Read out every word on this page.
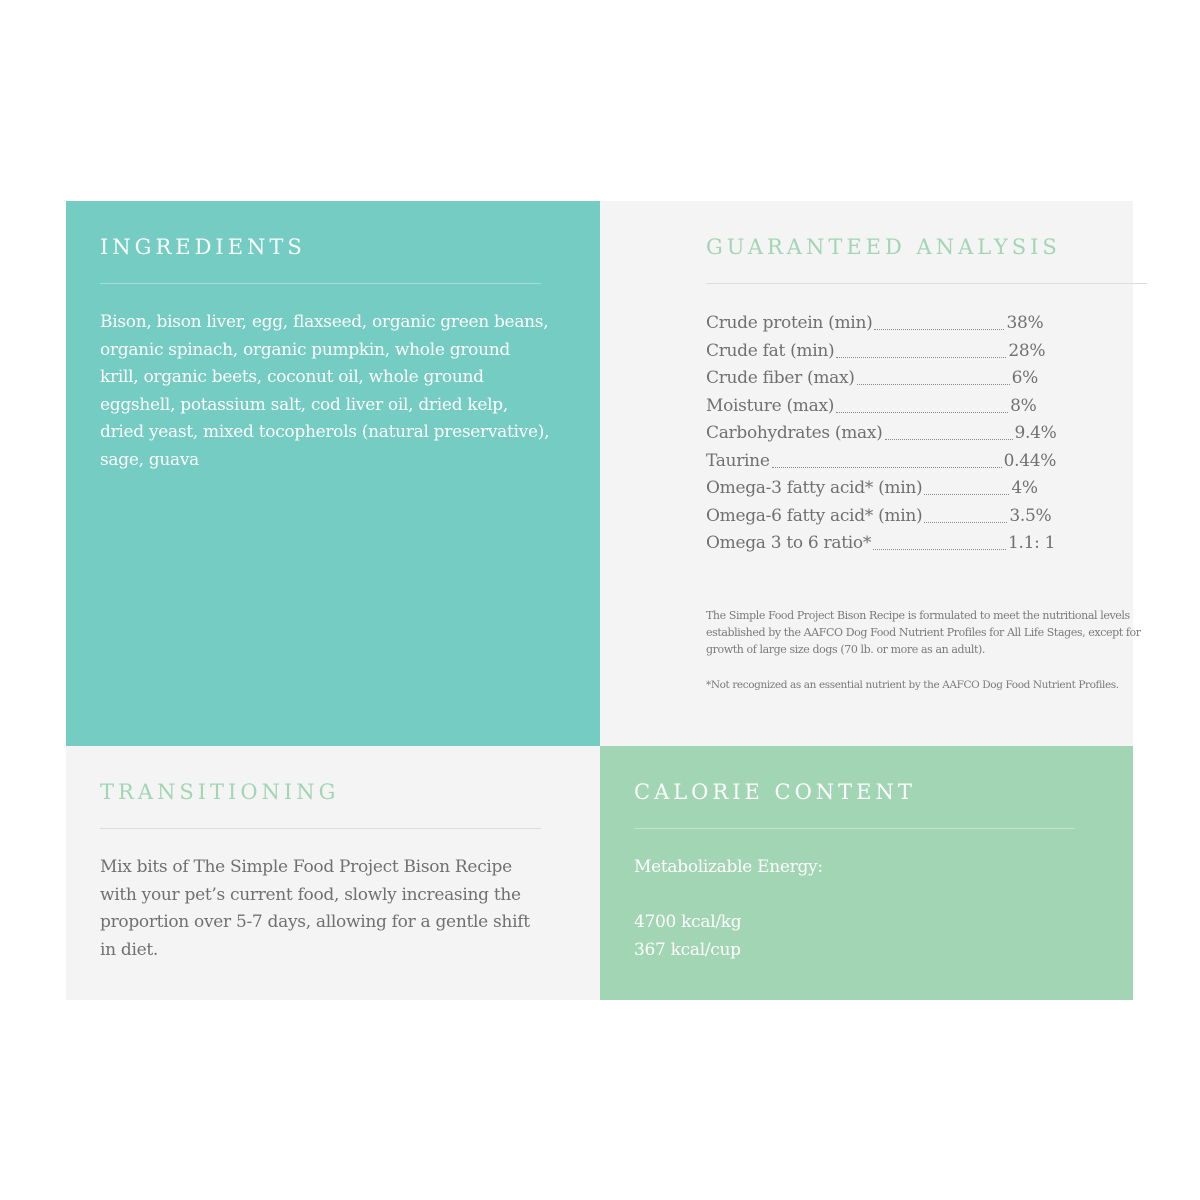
INGREDIENTS
Bison, bison liver, egg, flaxseed, organic green beans, organic spinach, organic pumpkin, whole ground krill, organic beets, coconut oil, whole ground eggshell, potassium salt, cod liver oil, dried kelp, dried yeast, mixed tocopherols (natural preservative), sage, guava
GUARANTEED ANALYSIS
Crude protein (min)	38%
Crude fat (min)	28%
Crude fiber (max)	6%
Moisture (max)	8%
Carbohydrates (max)	9.4%
Taurine	0.44%
Omega-3 fatty acid* (min)	4%
Omega-6 fatty acid* (min)	3.5%
Omega 3 to 6 ratio*	1.1: 1
The Simple Food Project Bison Recipe is formulated to meet the nutritional levels established by the AAFCO Dog Food Nutrient Profiles for All Life Stages, except for growth of large size dogs (70 lb. or more as an adult).
*Not recognized as an essential nutrient by the AAFCO Dog Food Nutrient Profiles.
TRANSITIONING
Mix bits of The Simple Food Project Bison Recipe with your pet’s current food, slowly increasing the proportion over 5-7 days, allowing for a gentle shift in diet.
CALORIE CONTENT
Metabolizable Energy:
4700 kcal/kg
367 kcal/cup
